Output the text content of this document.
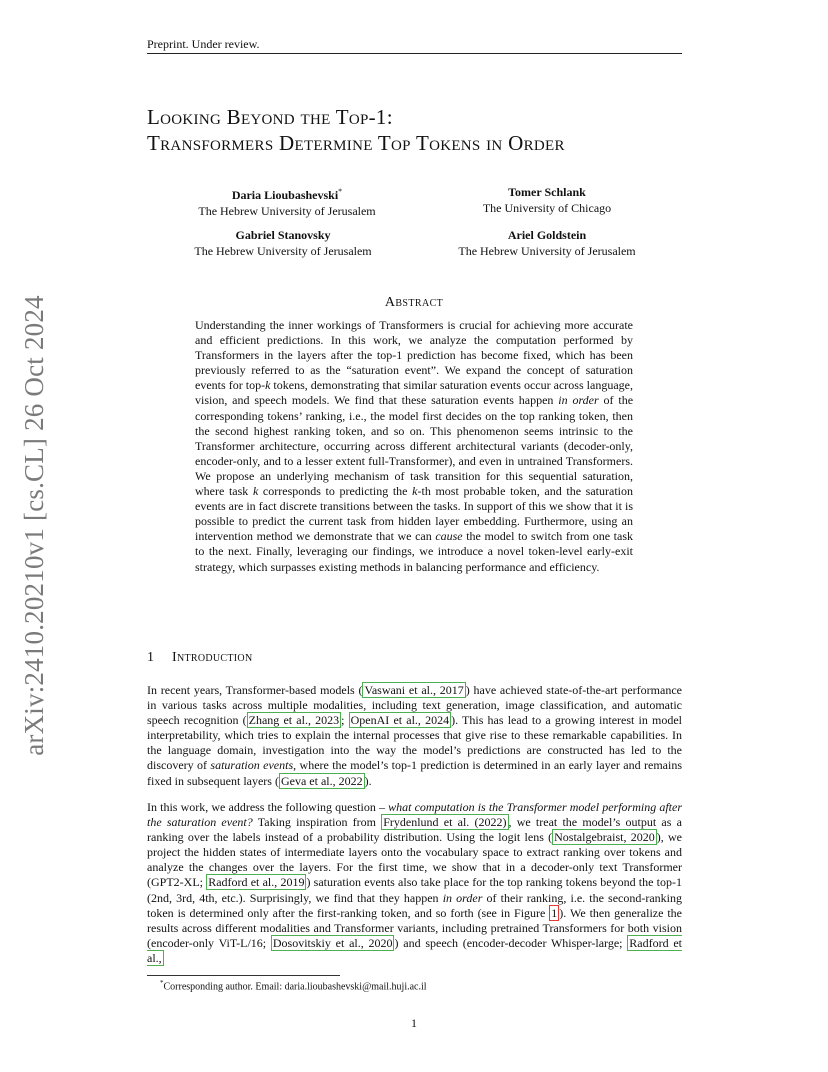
Preprint. Under review.
Looking Beyond the Top-1:
Transformers Determine Top Tokens in Order
Daria Lioubashevski*
The Hebrew University of Jerusalem
Tomer Schlank
The University of Chicago
Gabriel Stanovsky
The Hebrew University of Jerusalem
Ariel Goldstein
The Hebrew University of Jerusalem
arXiv:2410.20210v1 [cs.CL] 26 Oct 2024	Abstract
Understanding the inner workings of Transformers is crucial for achieving more accurate and efficient predictions. In this work, we analyze the computation performed by Transformers in the layers after the top-1 prediction has become fixed, which has been previously referred to as the “saturation event”. We expand the concept of saturation events for top-k tokens, demonstrating that similar saturation events occur across language, vision, and speech models. We find that these saturation events happen in order of the corresponding tokens’ ranking, i.e., the model first decides on the top ranking token, then the second highest ranking token, and so on. This phenomenon seems intrinsic to the Transformer architecture, occurring across different architectural variants (decoder-only, encoder-only, and to a lesser extent full-Transformer), and even in untrained Transformers. We propose an underlying mechanism of task transition for this sequential saturation, where task k corresponds to predicting the k-th most probable token, and the saturation events are in fact discrete transitions between the tasks. In support of this we show that it is possible to predict the current task from hidden layer embedding. Furthermore, using an intervention method we demonstrate that we can cause the model to switch from one task to the next. Finally, leveraging our findings, we introduce a novel token-level early-exit strategy, which surpasses existing methods in balancing performance and efficiency.
1 Introduction
In recent years, Transformer-based models ( Vaswani et al., 2017 ) have achieved state-of-the-art performance in various tasks across multiple modalities, including text generation, image classification, and automatic speech recognition ( Zhang et al., 2023 ; OpenAI et al., 2024 ). This has lead to a growing interest in model interpretability, which tries to explain the internal processes that give rise to these remarkable capabilities. In the language domain, investigation into the way the model’s predictions are constructed has led to the discovery of saturation events, where the model’s top-1 prediction is determined in an early layer and remains fixed in subsequent layers ( Geva et al., 2022 ).
In this work, we address the following question – what computation is the Transformer model performing after the saturation event? Taking inspiration from Frydenlund et al. (2022) , we treat the model’s output as a ranking over the labels instead of a probability distribution. Using the logit lens ( Nostalgebraist, 2020 ), we project the hidden states of intermediate layers onto the vocabulary space to extract ranking over tokens and analyze the changes over the layers. For the first time, we show that in a decoder-only text Transformer (GPT2-XL; Radford et al., 2019 ) saturation events also take place for the top ranking tokens beyond the top-1 (2nd, 3rd, 4th, etc.). Surprisingly, we find that they happen in order of their ranking, i.e. the second-ranking token is determined only after the first-ranking token, and so forth (see in Figure 1 ). We then generalize the results across different modalities and Transformer variants, including pretrained Transformers for both vision (encoder-only ViT-L/16; Dosovitskiy et al., 2020 ) and speech (encoder-decoder Whisper-large; Radford et al.,
*Corresponding author. Email: daria.lioubashevski@mail.huji.ac.il
1
